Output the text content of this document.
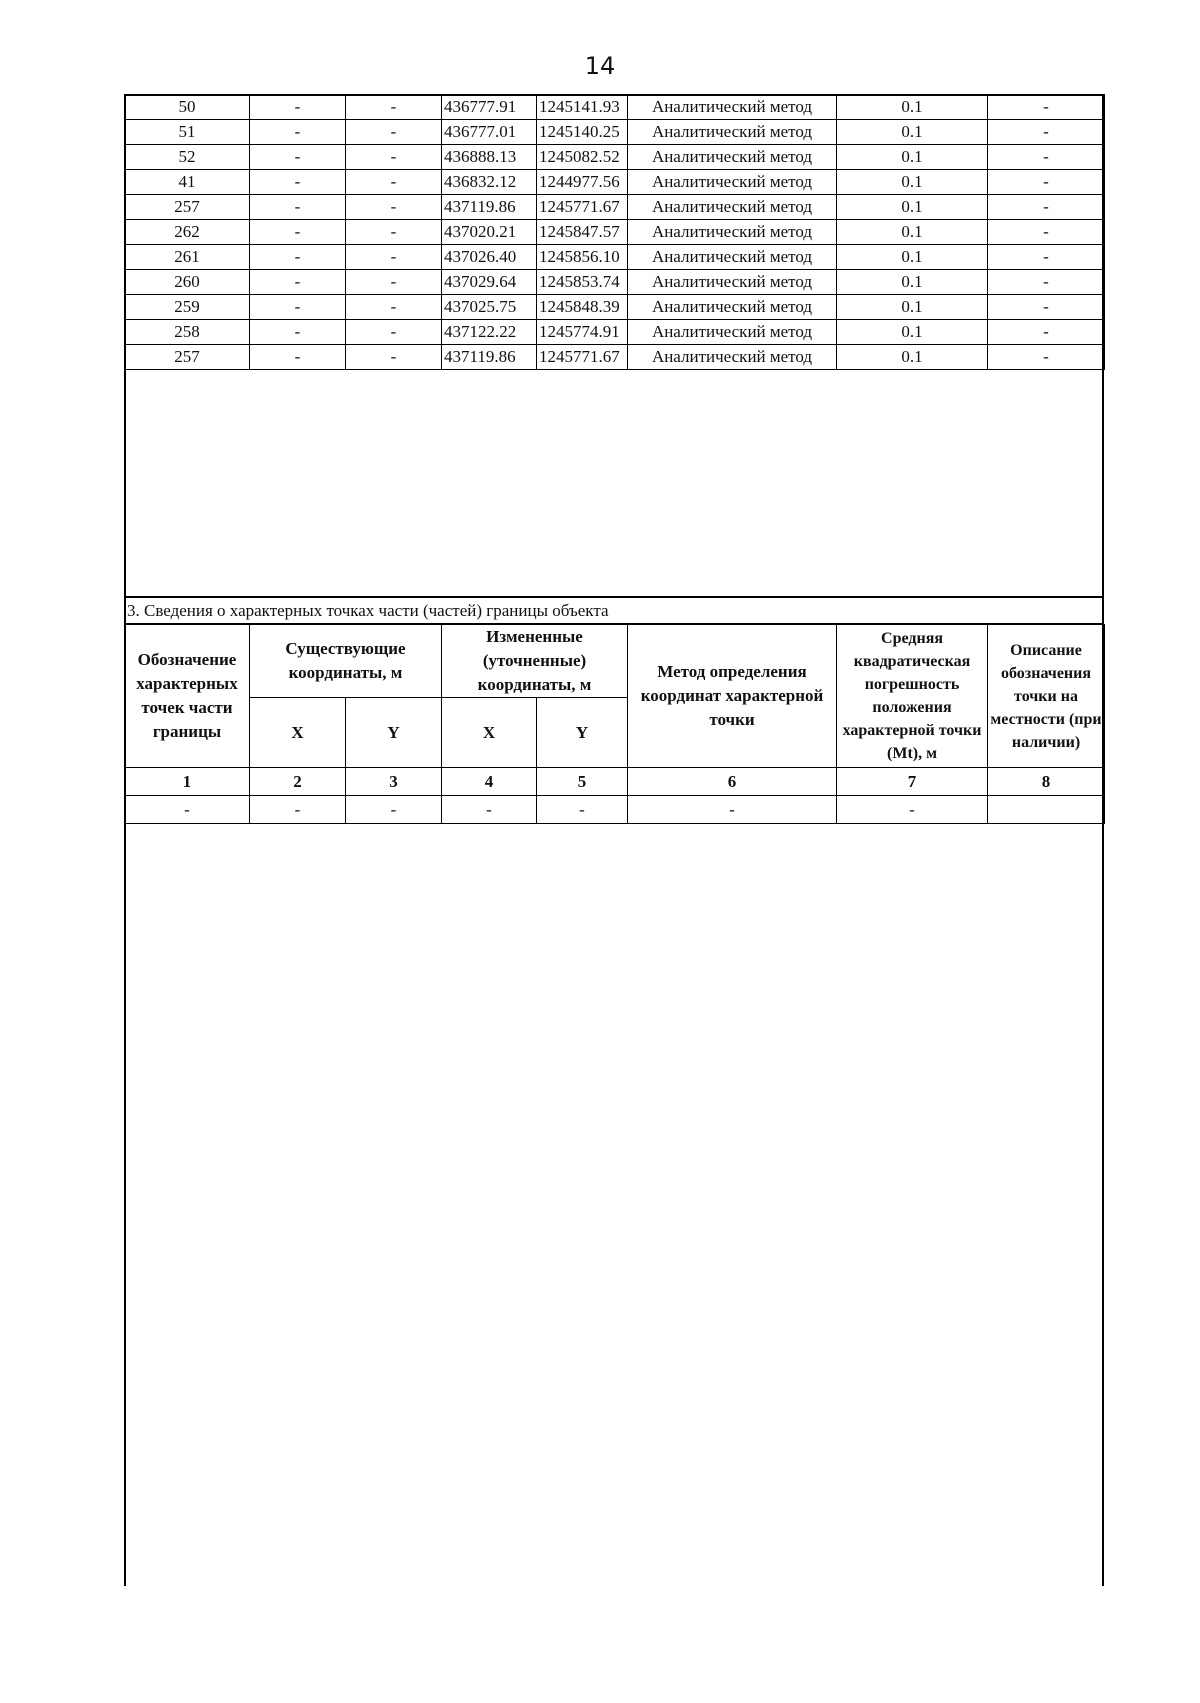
14
50	-	-	436777.91	1245141.93	Аналитический метод	0.1	-
51	-	-	436777.01	1245140.25	Аналитический метод	0.1	-
52	-	-	436888.13	1245082.52	Аналитический метод	0.1	-
41	-	-	436832.12	1244977.56	Аналитический метод	0.1	-
257	-	-	437119.86	1245771.67	Аналитический метод	0.1	-
262	-	-	437020.21	1245847.57	Аналитический метод	0.1	-
261	-	-	437026.40	1245856.10	Аналитический метод	0.1	-
260	-	-	437029.64	1245853.74	Аналитический метод	0.1	-
259	-	-	437025.75	1245848.39	Аналитический метод	0.1	-
258	-	-	437122.22	1245774.91	Аналитический метод	0.1	-
257	-	-	437119.86	1245771.67	Аналитический метод	0.1	-
3. Сведения о характерных точках части (частей) границы объекта
Обозначение характерных точек части границы	Существующие координаты, м		Измененные (уточненные) координаты, м		Метод определения координат характерной точки	Средняя квадратическая погрешность положения характерной точки (Mt), м	Описание обозначения точки на местности (при наличии)
	X	Y	X	Y			
1	2	3	4	5	6	7	8
-	-	-	-	-	-	-	
